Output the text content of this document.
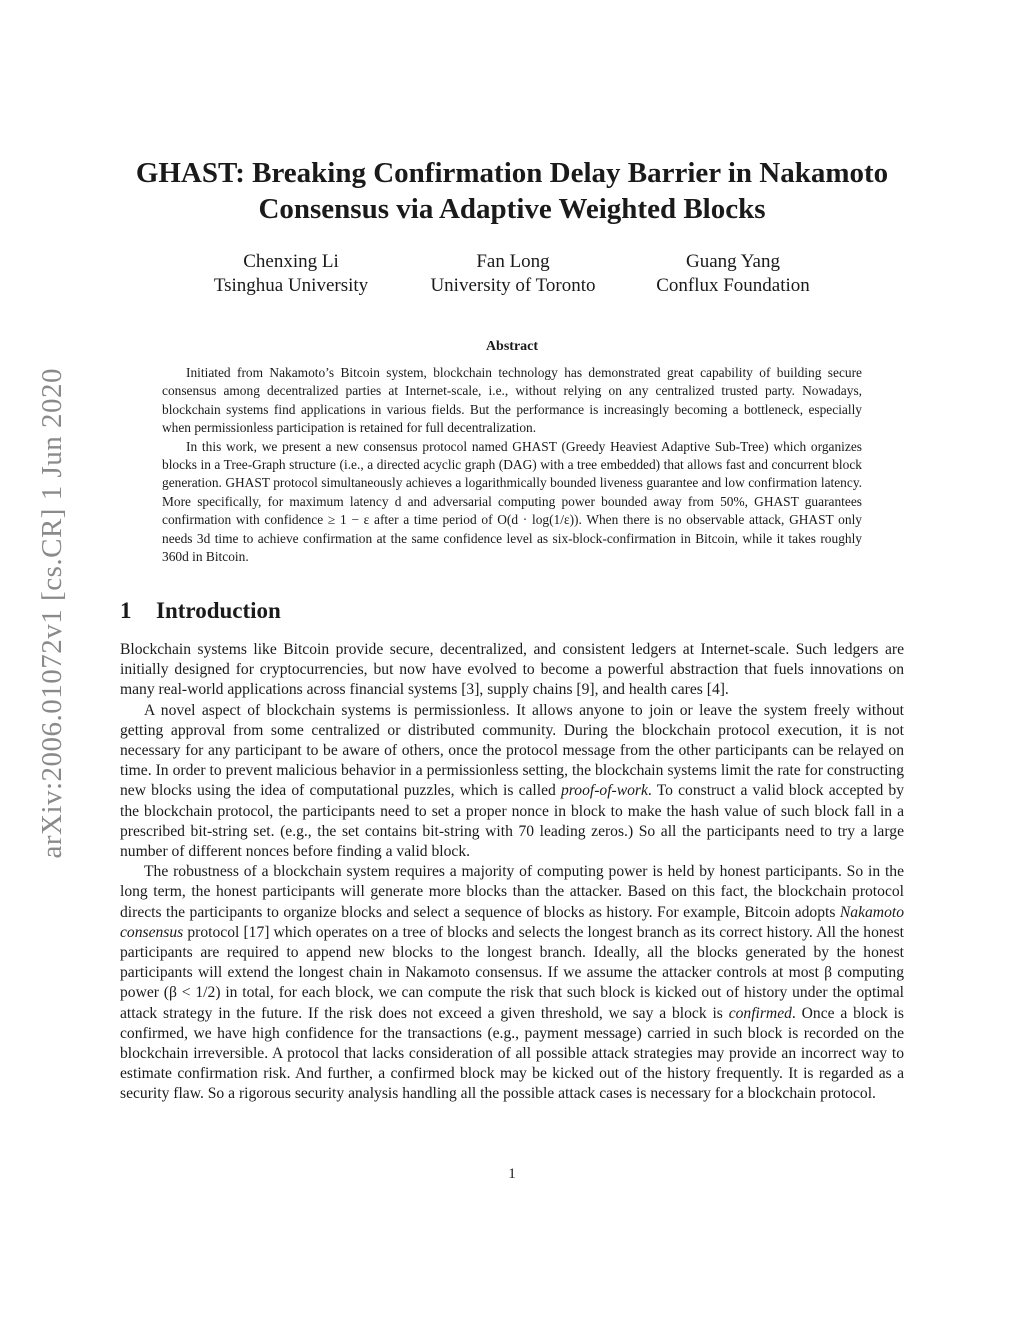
arXiv:2006.01072v1 [cs.CR] 1 Jun 2020
GHAST: Breaking Confirmation Delay Barrier in Nakamoto
Consensus via Adaptive Weighted Blocks
Chenxing Li
Tsinghua University
Fan Long
University of Toronto
Guang Yang
Conflux Foundation
Abstract

Initiated from Nakamoto’s Bitcoin system, blockchain technology has demonstrated great capability of building secure consensus among decentralized parties at Internet-scale, i.e., without relying on any centralized trusted party. Nowadays, blockchain systems find applications in various fields. But the performance is increasingly becoming a bottleneck, especially when permissionless participation is retained for full decentralization.

In this work, we present a new consensus protocol named GHAST (Greedy Heaviest Adaptive Sub-Tree) which organizes blocks in a Tree-Graph structure (i.e., a directed acyclic graph (DAG) with a tree embedded) that allows fast and concurrent block generation. GHAST protocol simultaneously achieves a logarithmically bounded liveness guarantee and low confirmation latency. More specifically, for maximum latency d and adversarial computing power bounded away from 50%, GHAST guarantees confirmation with confidence ≥ 1 − ε after a time period of O(d · log(1/ε)). When there is no observable attack, GHAST only needs 3d time to achieve confirmation at the same confidence level as six-block-confirmation in Bitcoin, while it takes roughly 360d in Bitcoin.

1 Introduction

Blockchain systems like Bitcoin provide secure, decentralized, and consistent ledgers at Internet-scale. Such ledgers are initially designed for cryptocurrencies, but now have evolved to become a powerful abstraction that fuels innovations on many real-world applications across financial systems [3], supply chains [9], and health cares [4].

A novel aspect of blockchain systems is permissionless. It allows anyone to join or leave the system freely without getting approval from some centralized or distributed community. During the blockchain protocol execution, it is not necessary for any participant to be aware of others, once the protocol message from the other participants can be relayed on time. In order to prevent malicious behavior in a permissionless setting, the blockchain systems limit the rate for constructing new blocks using the idea of computational puzzles, which is called proof-of-work. To construct a valid block accepted by the blockchain protocol, the participants need to set a proper nonce in block to make the hash value of such block fall in a prescribed bit-string set. (e.g., the set contains bit-string with 70 leading zeros.) So all the participants need to try a large number of different nonces before finding a valid block.

The robustness of a blockchain system requires a majority of computing power is held by honest participants. So in the long term, the honest participants will generate more blocks than the attacker. Based on this fact, the blockchain protocol directs the participants to organize blocks and select a sequence of blocks as history. For example, Bitcoin adopts Nakamoto consensus protocol [17] which operates on a tree of blocks and selects the longest branch as its correct history. All the honest participants are required to append new blocks to the longest branch. Ideally, all the blocks generated by the honest participants will extend the longest chain in Nakamoto consensus. If we assume the attacker controls at most β computing power (β < 1/2) in total, for each block, we can compute the risk that such block is kicked out of history under the optimal attack strategy in the future. If the risk does not exceed a given threshold, we say a block is confirmed. Once a block is confirmed, we have high confidence for the transactions (e.g., payment message) carried in such block is recorded on the blockchain irreversible. A protocol that lacks consideration of all possible attack strategies may provide an incorrect way to estimate confirmation risk. And further, a confirmed block may be kicked out of the history frequently. It is regarded as a security flaw. So a rigorous security analysis handling all the possible attack cases is necessary for a blockchain protocol.

1
